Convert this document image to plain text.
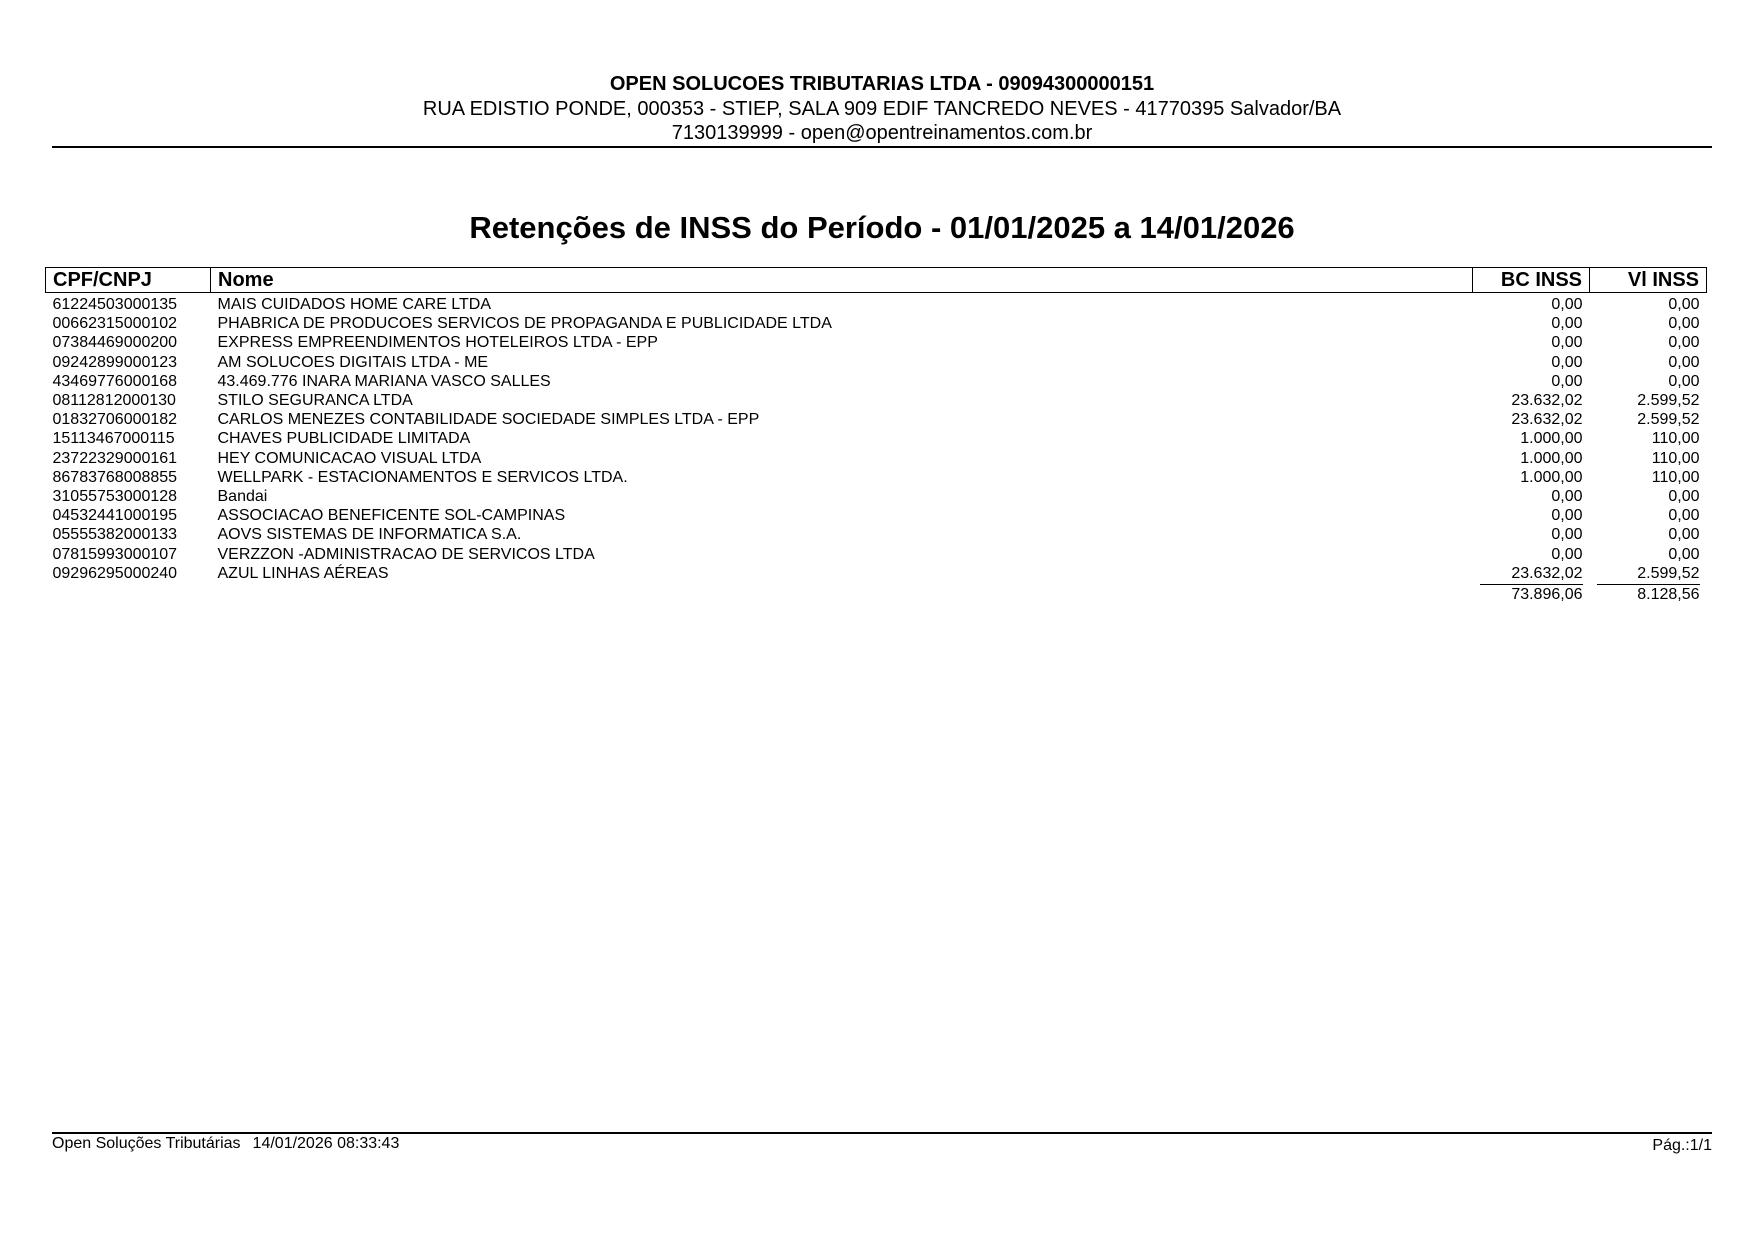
OPEN SOLUCOES TRIBUTARIAS LTDA - 09094300000151
RUA EDISTIO PONDE, 000353 - STIEP, SALA 909 EDIF TANCREDO NEVES - 41770395 Salvador/BA
7130139999 - open@opentreinamentos.com.br
Retenções de INSS do Período - 01/01/2025 a 14/01/2026
CPF/CNPJ	Nome	BC INSS	Vl INSS
61224503000135	MAIS CUIDADOS HOME CARE LTDA	0,00	0,00
00662315000102	PHABRICA DE PRODUCOES SERVICOS DE PROPAGANDA E PUBLICIDADE LTDA	0,00	0,00
07384469000200	EXPRESS EMPREENDIMENTOS HOTELEIROS LTDA - EPP	0,00	0,00
09242899000123	AM SOLUCOES DIGITAIS LTDA - ME	0,00	0,00
43469776000168	43.469.776 INARA MARIANA VASCO SALLES	0,00	0,00
08112812000130	STILO SEGURANCA LTDA	23.632,02	2.599,52
01832706000182	CARLOS MENEZES CONTABILIDADE SOCIEDADE SIMPLES LTDA - EPP	23.632,02	2.599,52
15113467000115	CHAVES PUBLICIDADE LIMITADA	1.000,00	110,00
23722329000161	HEY COMUNICACAO VISUAL LTDA	1.000,00	110,00
86783768008855	WELLPARK - ESTACIONAMENTOS E SERVICOS LTDA.	1.000,00	110,00
31055753000128	Bandai	0,00	0,00
04532441000195	ASSOCIACAO BENEFICENTE SOL-CAMPINAS	0,00	0,00
05555382000133	AOVS SISTEMAS DE INFORMATICA S.A.	0,00	0,00
07815993000107	VERZZON -ADMINISTRACAO DE SERVICOS LTDA	0,00	0,00
09296295000240	AZUL LINHAS AÉREAS	23.632,02	2.599,52
		73.896,06	8.128,56
Open Soluções Tributárias 14/01/2026 08:33:43	Pág.:1/1
